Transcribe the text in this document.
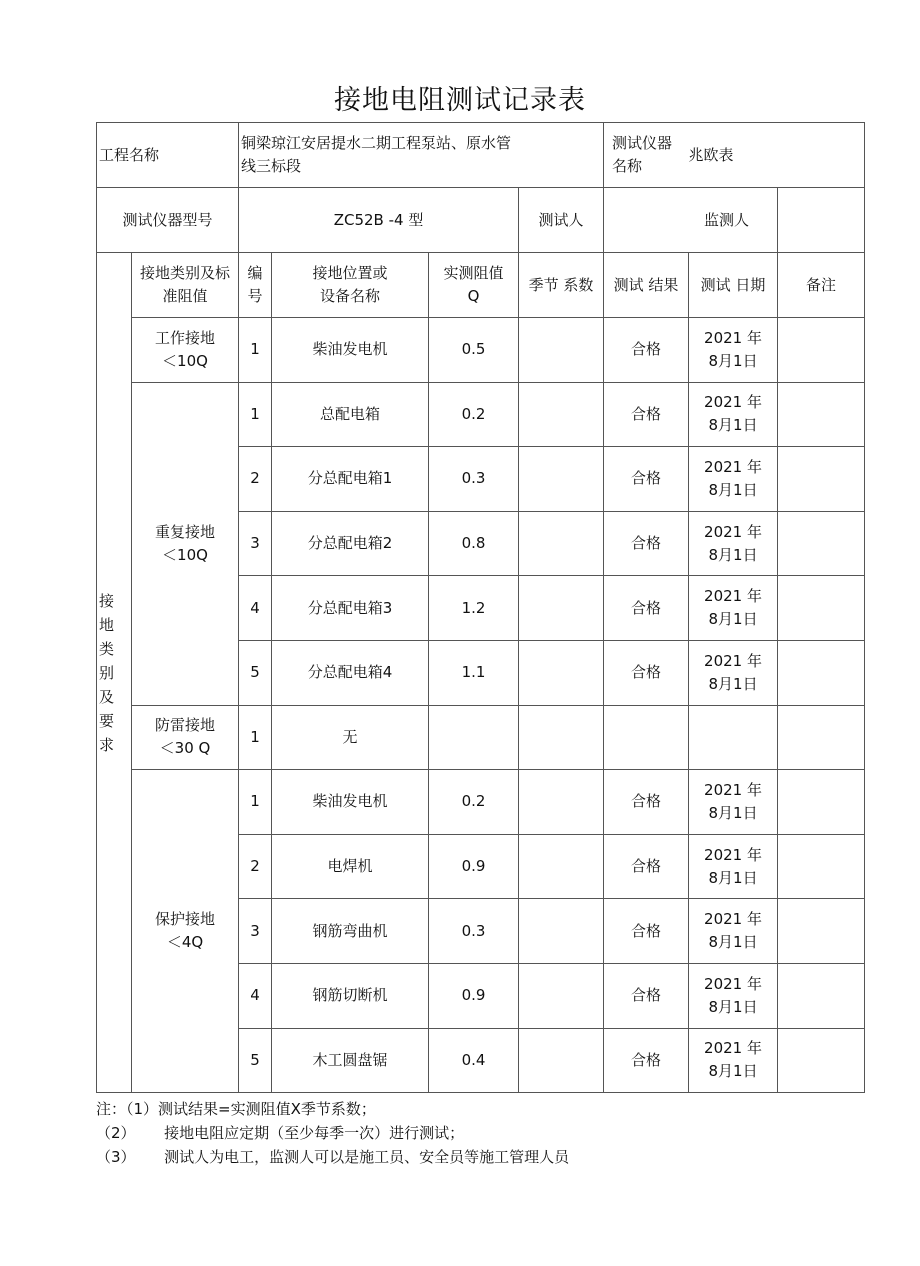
接地电阻测试记录表
工程名称		铜梁琼江安居提水二期工程泵站、原水管线三标段				测试仪器名称	兆欧表	
测试仪器型号		ZC52B -4 型			测试人	监测人		

接地类别及要求	接地类别及标准阻值	编号	接地位置或设备名称	实测阻值Q	季节 系数	测试 结果	测试 日期	备注

	工作接地
＜10Q	1	柴油发电机	0.5		合格	2021 年
8月1日	
	重复接地
＜10Q	1	总配电箱	0.2		合格	2021 年
8月1日	
		2	分总配电箱1	0.3		合格	2021 年
8月1日	
		3	分总配电箱2	0.8		合格	2021 年
8月1日	
		4	分总配电箱3	1.2		合格	2021 年
8月1日	
		5	分总配电箱4	1.1		合格	2021 年
8月1日	
	防雷接地
＜30 Q	1	无					
	保护接地
＜4Q	1	柴油发电机	0.2		合格	2021 年
8月1日	
		2	电焊机	0.9		合格	2021 年
8月1日	
		3	钢筋弯曲机	0.3		合格	2021 年
8月1日	
		4	钢筋切断机	0.9		合格	2021 年
8月1日	
		5	木工圆盘锯	0.4		合格	2021 年
8月1日	
注：（1）测试结果=实测阻值X季节系数；
（2）      接地电阻应定期（至少每季一次）进行测试；
（3）      测试人为电工，监测人可以是施工员、安全员等施工管理人员
